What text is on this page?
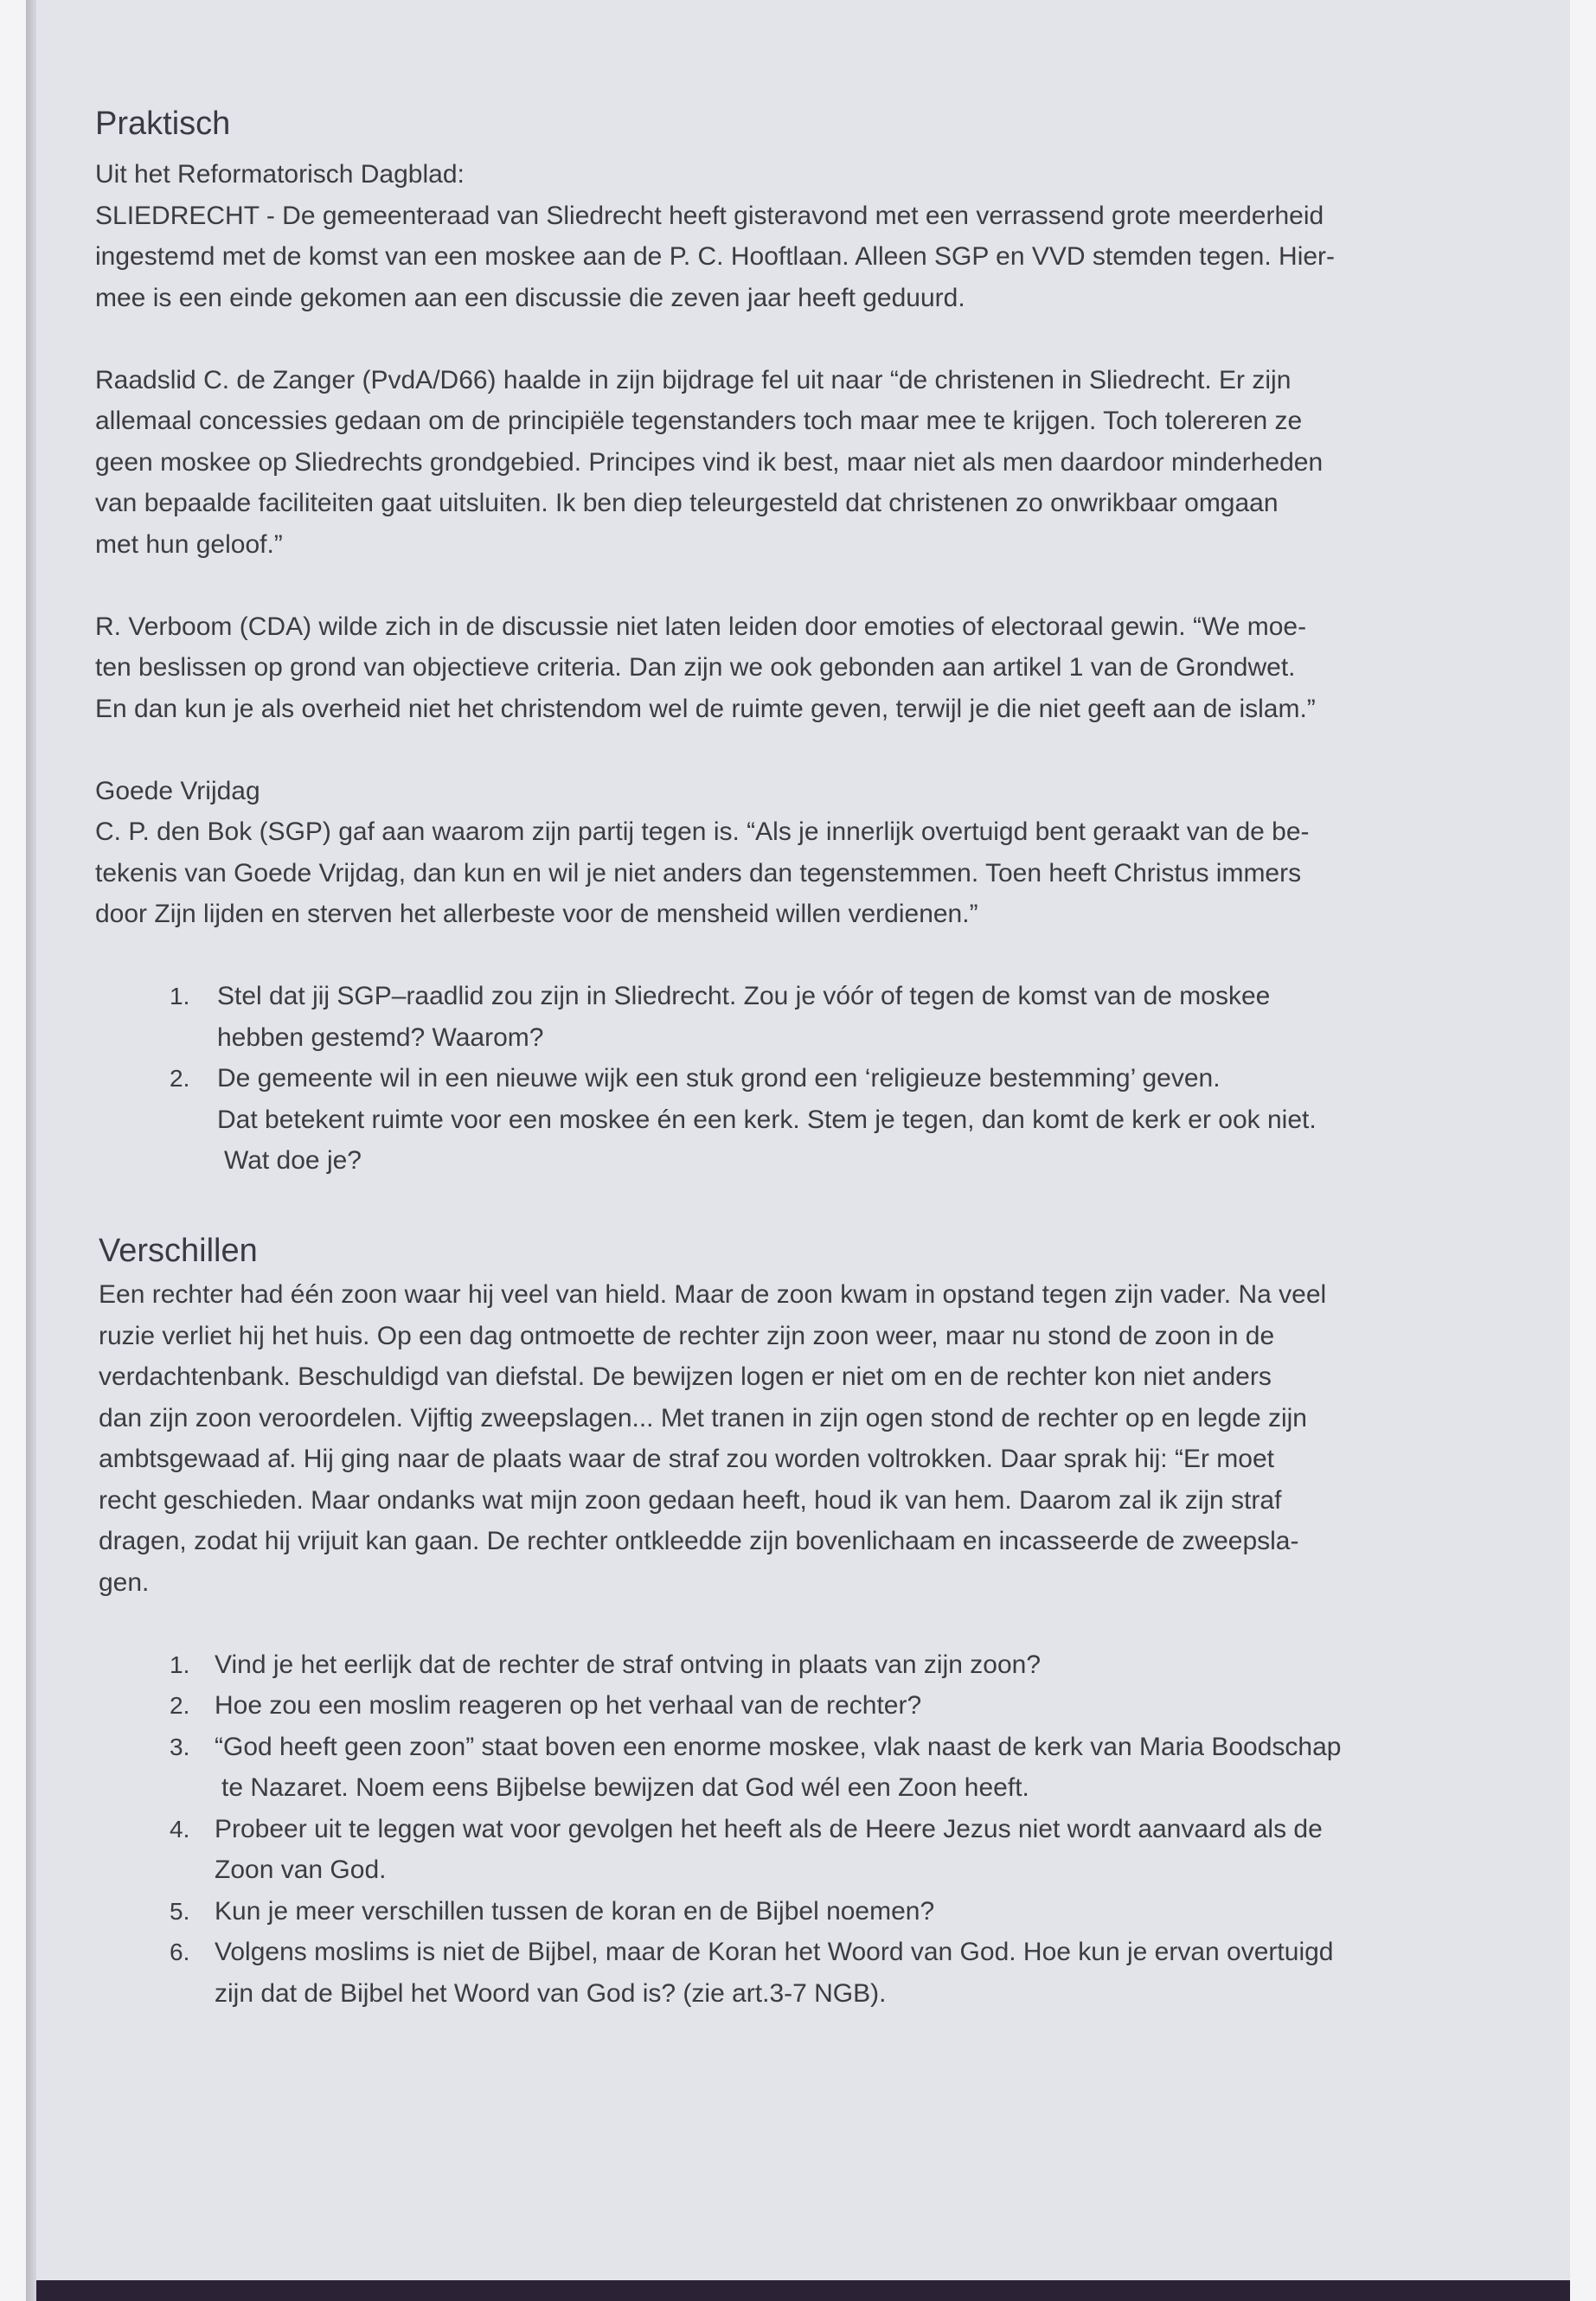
Praktisch
Uit het Reformatorisch Dagblad:
SLIEDRECHT - De gemeenteraad van Sliedrecht heeft gisteravond met een verrassend grote meerderheid
ingestemd met de komst van een moskee aan de P. C. Hooftlaan. Alleen SGP en VVD stemden tegen. Hier-
mee is een einde gekomen aan een discussie die zeven jaar heeft geduurd.
Raadslid C. de Zanger (PvdA/D66) haalde in zijn bijdrage fel uit naar “de christenen in Sliedrecht. Er zijn
allemaal concessies gedaan om de principiële tegenstanders toch maar mee te krijgen. Toch tolereren ze
geen moskee op Sliedrechts grondgebied. Principes vind ik best, maar niet als men daardoor minderheden
van bepaalde faciliteiten gaat uitsluiten. Ik ben diep teleurgesteld dat christenen zo onwrikbaar omgaan
met hun geloof.”
R. Verboom (CDA) wilde zich in de discussie niet laten leiden door emoties of electoraal gewin. “We moe-
ten beslissen op grond van objectieve criteria. Dan zijn we ook gebonden aan artikel 1 van de Grondwet.
En dan kun je als overheid niet het christendom wel de ruimte geven, terwijl je die niet geeft aan de islam.”
Goede Vrijdag
C. P. den Bok (SGP) gaf aan waarom zijn partij tegen is. “Als je innerlijk overtuigd bent geraakt van de be-
tekenis van Goede Vrijdag, dan kun en wil je niet anders dan tegenstemmen. Toen heeft Christus immers
door Zijn lijden en sterven het allerbeste voor de mensheid willen verdienen.”
1. Stel dat jij SGP–raadlid zou zijn in Sliedrecht. Zou je vóór of tegen de komst van de moskee
hebben gestemd? Waarom?
2. De gemeente wil in een nieuwe wijk een stuk grond een ‘religieuze bestemming’ geven.
Dat betekent ruimte voor een moskee én een kerk. Stem je tegen, dan komt de kerk er ook niet.
Wat doe je?
Verschillen
Een rechter had één zoon waar hij veel van hield. Maar de zoon kwam in opstand tegen zijn vader. Na veel
ruzie verliet hij het huis. Op een dag ontmoette de rechter zijn zoon weer, maar nu stond de zoon in de
verdachtenbank. Beschuldigd van diefstal. De bewijzen logen er niet om en de rechter kon niet anders
dan zijn zoon veroordelen. Vijftig zweepslagen... Met tranen in zijn ogen stond de rechter op en legde zijn
ambtsgewaad af. Hij ging naar de plaats waar de straf zou worden voltrokken. Daar sprak hij: “Er moet
recht geschieden. Maar ondanks wat mijn zoon gedaan heeft, houd ik van hem. Daarom zal ik zijn straf
dragen, zodat hij vrijuit kan gaan. De rechter ontkleedde zijn bovenlichaam en incasseerde de zweepsla-
gen.
1. Vind je het eerlijk dat de rechter de straf ontving in plaats van zijn zoon?
2. Hoe zou een moslim reageren op het verhaal van de rechter?
3. “God heeft geen zoon” staat boven een enorme moskee, vlak naast de kerk van Maria Boodschap
te Nazaret. Noem eens Bijbelse bewijzen dat God wél een Zoon heeft.
4. Probeer uit te leggen wat voor gevolgen het heeft als de Heere Jezus niet wordt aanvaard als de
Zoon van God.
5. Kun je meer verschillen tussen de koran en de Bijbel noemen?
6. Volgens moslims is niet de Bijbel, maar de Koran het Woord van God. Hoe kun je ervan overtuigd
zijn dat de Bijbel het Woord van God is? (zie art.3-7 NGB).
